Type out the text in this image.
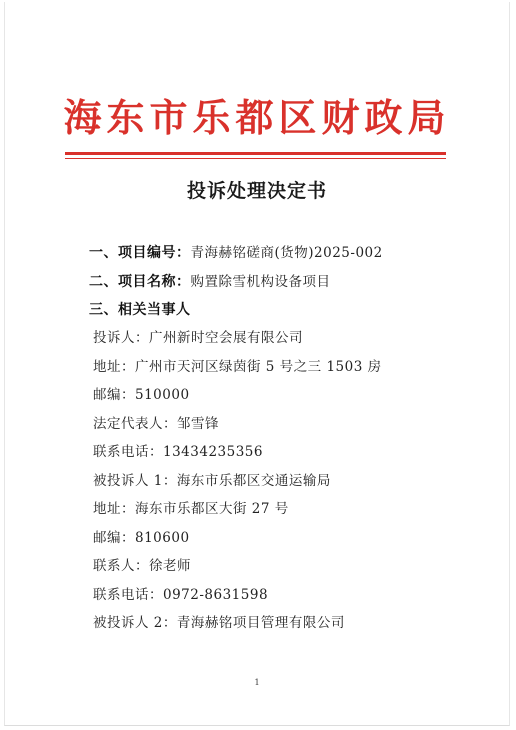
海东市乐都区财政局
投诉处理决定书
一、项目编号：青海赫铭磋商(货物)2025-002
二、项目名称：购置除雪机构设备项目
三、相关当事人
投诉人：广州新时空会展有限公司
地址：广州市天河区绿茵街 5 号之三 1503 房
邮编：510000
法定代表人：邹雪锋
联系电话：13434235356
被投诉人 1：海东市乐都区交通运输局
地址：海东市乐都区大街 27 号
邮编：810600
联系人：徐老师
联系电话：0972-8631598
被投诉人 2：青海赫铭项目管理有限公司
1
